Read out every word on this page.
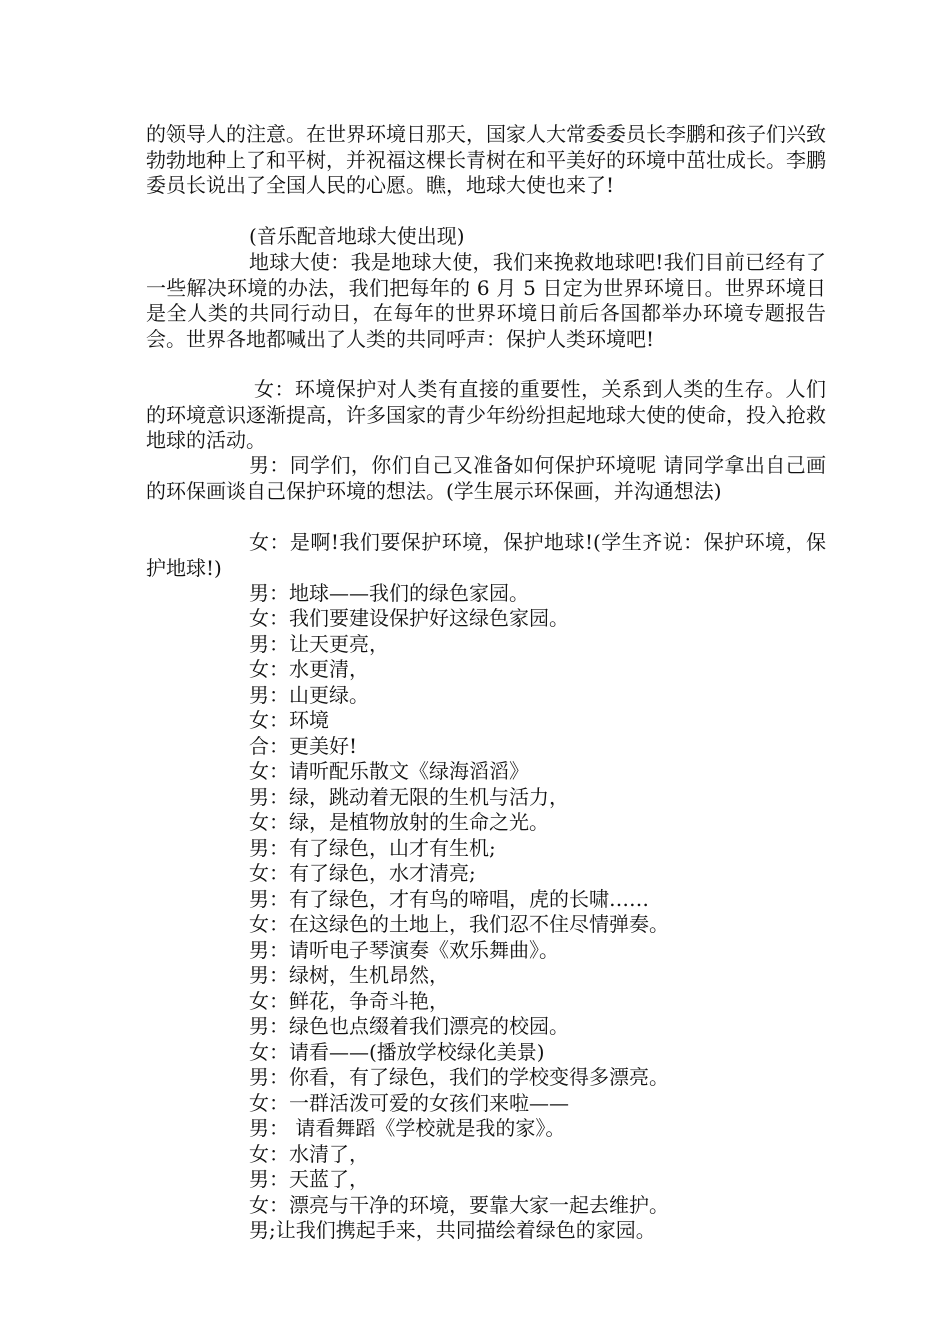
的领导人的注意。在世界环境日那天，国家人大常委委员长李鹏和孩子们兴致勃勃地种上了和平树，并祝福这棵长青树在和平美好的环境中茁壮成长。李鹏委员长说出了全国人民的心愿。瞧，地球大使也来了!

(音乐配音地球大使出现)

地球大使：我是地球大使，我们来挽救地球吧!我们目前已经有了一些解决环境的办法，我们把每年的 6 月 5 日定为世界环境日。世界环境日是全人类的共同行动日，在每年的世界环境日前后各国都举办环境专题报告会。世界各地都喊出了人类的共同呼声：保护人类环境吧!

女：环境保护对人类有直接的重要性，关系到人类的生存。人们的环境意识逐渐提高，许多国家的青少年纷纷担起地球大使的使命，投入抢救地球的活动。

男：同学们，你们自己又准备如何保护环境呢 请同学拿出自己画的环保画谈自己保护环境的想法。(学生展示环保画，并沟通想法)

女：是啊!我们要保护环境，保护地球!(学生齐说：保护环境，保护地球!)

男：地球——我们的绿色家园。

女：我们要建设保护好这绿色家园。

男：让天更亮，

女：水更清，

男：山更绿。

女：环境

合：更美好!

女：请听配乐散文《绿海滔滔》

男：绿，跳动着无限的生机与活力，

女：绿，是植物放射的生命之光。

男：有了绿色，山才有生机;

女：有了绿色，水才清亮;

男：有了绿色，才有鸟的啼唱，虎的长啸……

女：在这绿色的土地上，我们忍不住尽情弹奏。

男：请听电子琴演奏《欢乐舞曲》。

男：绿树，生机昂然，

女：鲜花，争奇斗艳，

男：绿色也点缀着我们漂亮的校园。

女：请看——(播放学校绿化美景)

男：你看，有了绿色，我们的学校变得多漂亮。

女：一群活泼可爱的女孩们来啦——

男： 请看舞蹈《学校就是我的家》。

女：水清了，

男：天蓝了，

女：漂亮与干净的环境，要靠大家一起去维护。

男;让我们携起手来，共同描绘着绿色的家园。
